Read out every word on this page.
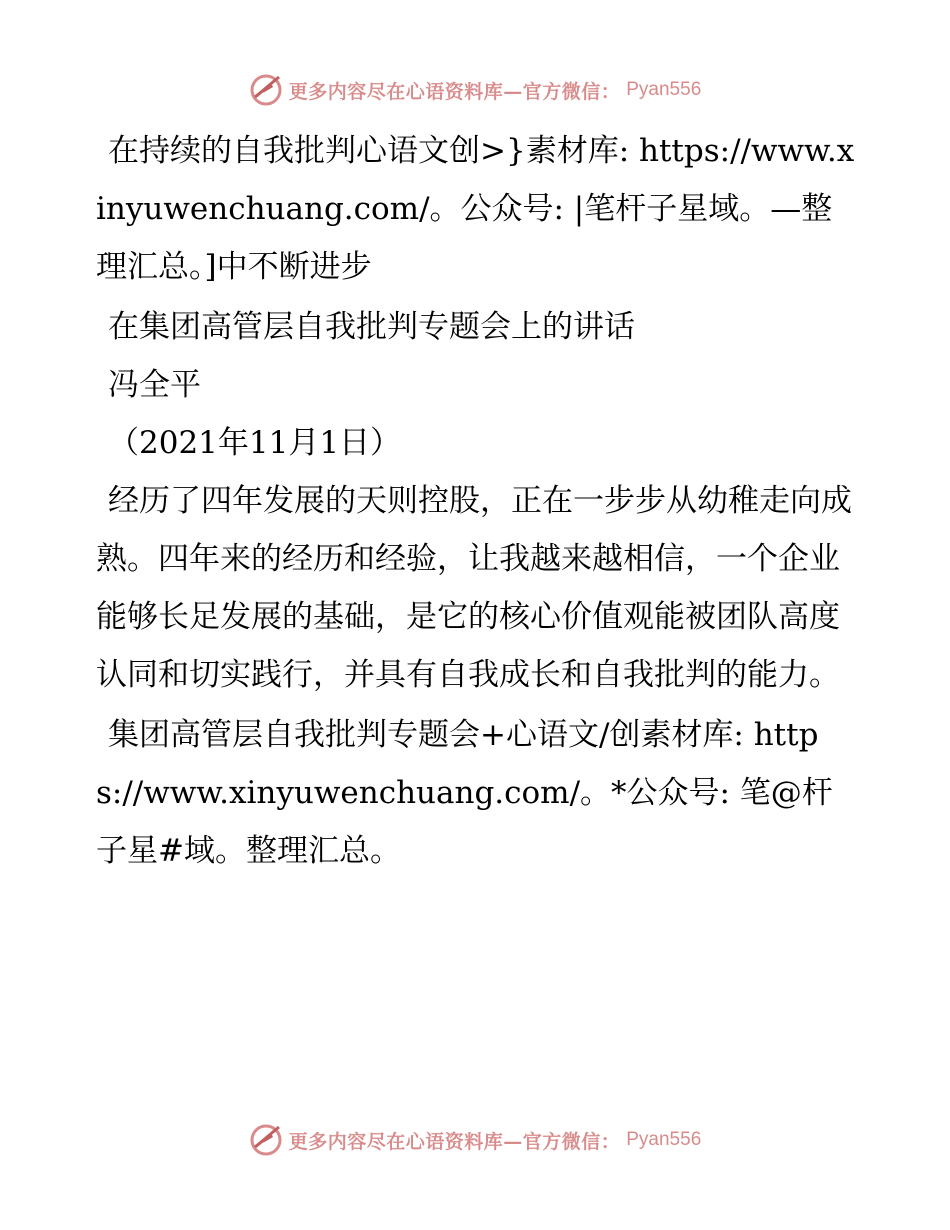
更多内容尽在心语资料库—官方微信： Pyan556

在持续的自我批判心语文创>}素材库: https://www.xinyuwenchuang.com/。公众号: |笔杆子星域。—整理汇总。]中不断进步

在集团高管层自我批判专题会上的讲话

冯全平

（2021年11月1日）

经历了四年发展的天则控股，正在一步步从幼稚走向成熟。四年来的经历和经验，让我越来越相信，一个企业能够长足发展的基础，是它的核心价值观能被团队高度认同和切实践行，并具有自我成长和自我批判的能力。

集团高管层自我批判专题会+心语文/创素材库: https://www.xinyuwenchuang.com/。*公众号: 笔@杆子星#域。整理汇总。

更多内容尽在心语资料库—官方微信： Pyan556
